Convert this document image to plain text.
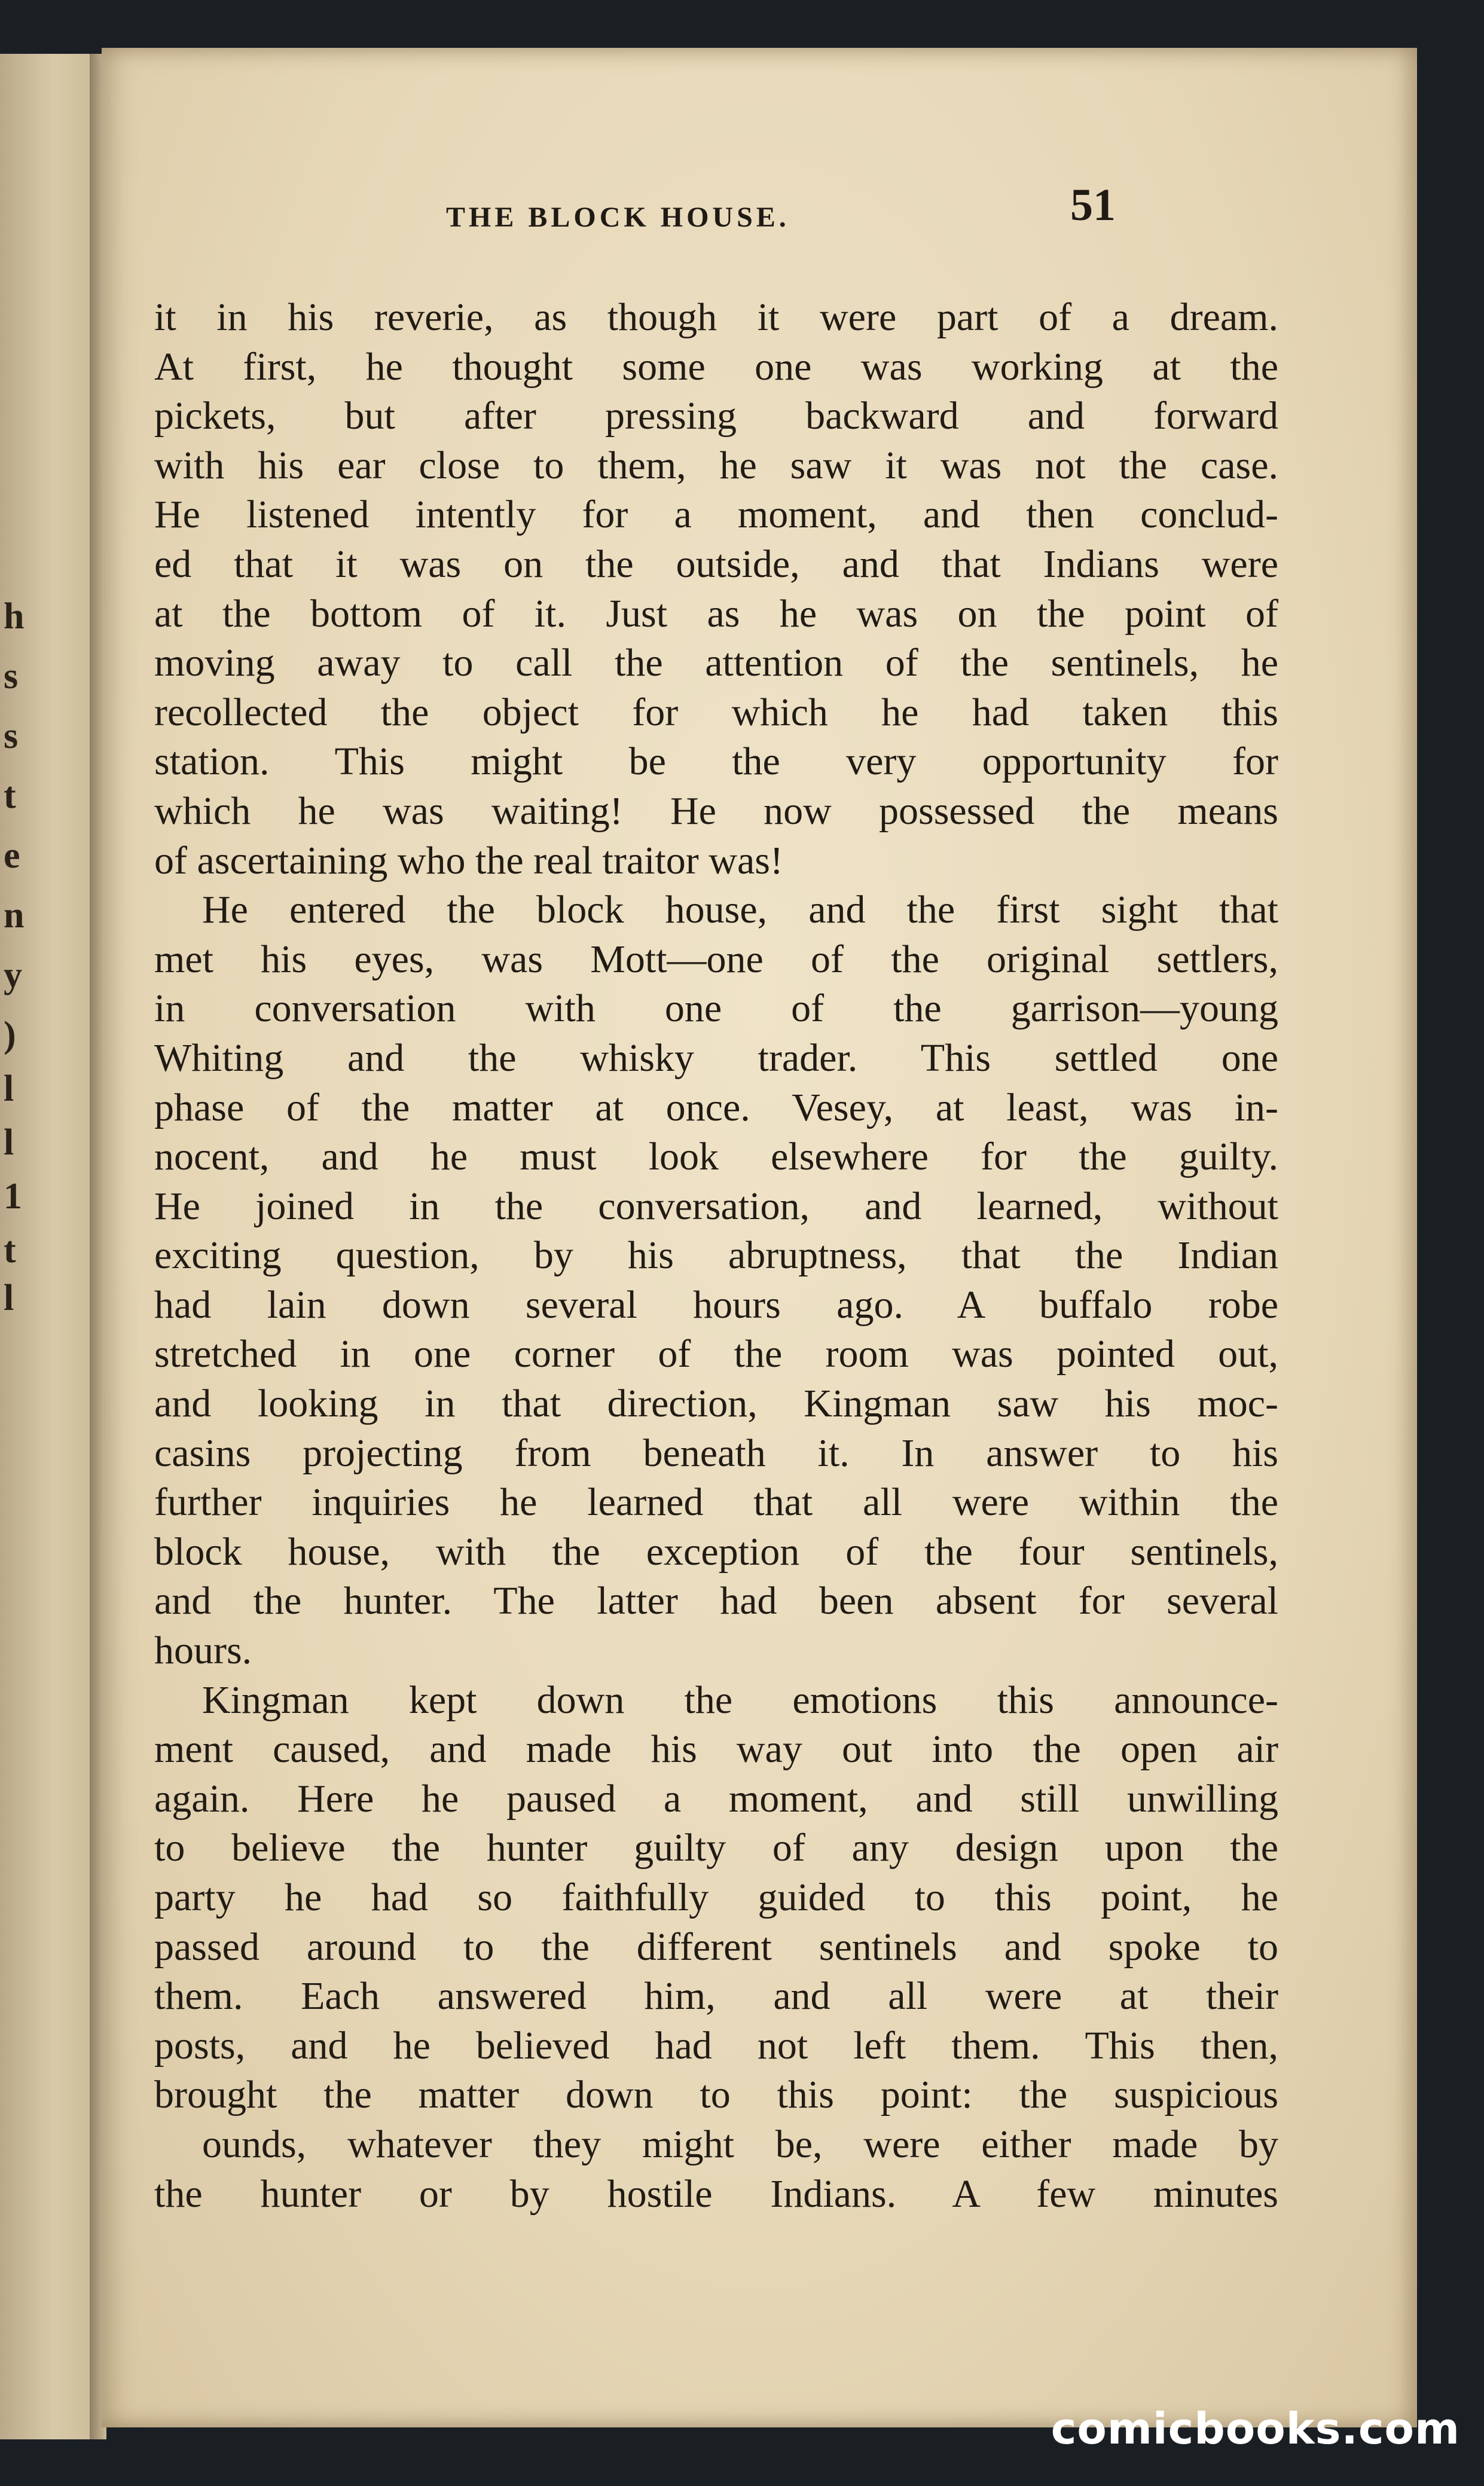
h
s
s
t
e
n
y
)
l
l
1
t
l
THE BLOCK HOUSE.	51
it in his reverie, as though it were part of a dream.
At first, he thought some one was working at the
pickets, but after pressing backward and forward
with his ear close to them, he saw it was not the case.
He listened intently for a moment, and then conclud-
ed that it was on the outside, and that Indians were
at the bottom of it. Just as he was on the point of
moving away to call the attention of the sentinels, he
recollected the object for which he had taken this
station. This might be the very opportunity for
which he was waiting! He now possessed the means
of ascertaining who the real traitor was!
He entered the block house, and the first sight that
met his eyes, was Mott—one of the original settlers,
in conversation with one of the garrison—young
Whiting and the whisky trader. This settled one
phase of the matter at once. Vesey, at least, was in-
nocent, and he must look elsewhere for the guilty.
He joined in the conversation, and learned, without
exciting question, by his abruptness, that the Indian
had lain down several hours ago. A buffalo robe
stretched in one corner of the room was pointed out,
and looking in that direction, Kingman saw his moc-
casins projecting from beneath it. In answer to his
further inquiries he learned that all were within the
block house, with the exception of the four sentinels,
and the hunter. The latter had been absent for several
hours.
Kingman kept down the emotions this announce-
ment caused, and made his way out into the open air
again. Here he paused a moment, and still unwilling
to believe the hunter guilty of any design upon the
party he had so faithfully guided to this point, he
passed around to the different sentinels and spoke to
them. Each answered him, and all were at their
posts, and he believed had not left them. This then,
brought the matter down to this point: the suspicious
ounds, whatever they might be, were either made by
the hunter or by hostile Indians. A few minutes
comicbooks.com
